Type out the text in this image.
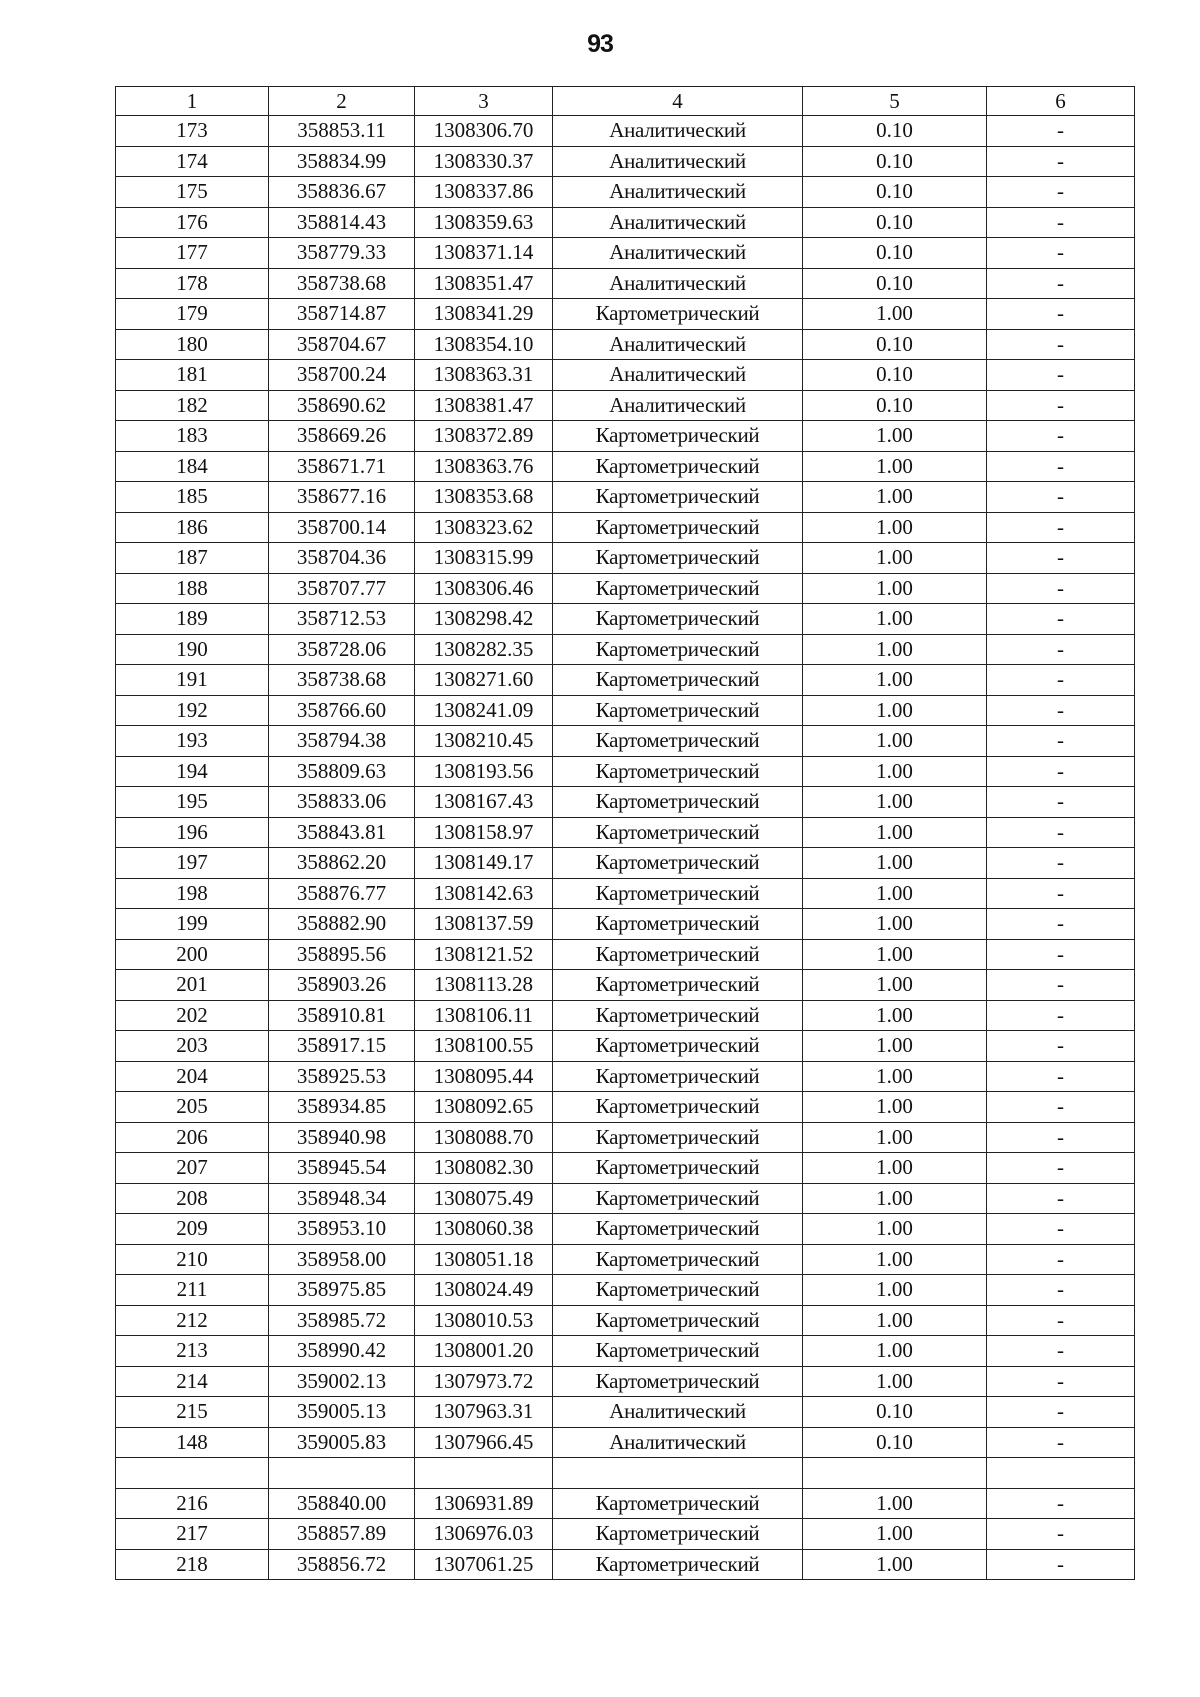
93
1	2	3	4	5	6
173	358853.11	1308306.70	Аналитический	0.10	-
174	358834.99	1308330.37	Аналитический	0.10	-
175	358836.67	1308337.86	Аналитический	0.10	-
176	358814.43	1308359.63	Аналитический	0.10	-
177	358779.33	1308371.14	Аналитический	0.10	-
178	358738.68	1308351.47	Аналитический	0.10	-
179	358714.87	1308341.29	Картометрический	1.00	-
180	358704.67	1308354.10	Аналитический	0.10	-
181	358700.24	1308363.31	Аналитический	0.10	-
182	358690.62	1308381.47	Аналитический	0.10	-
183	358669.26	1308372.89	Картометрический	1.00	-
184	358671.71	1308363.76	Картометрический	1.00	-
185	358677.16	1308353.68	Картометрический	1.00	-
186	358700.14	1308323.62	Картометрический	1.00	-
187	358704.36	1308315.99	Картометрический	1.00	-
188	358707.77	1308306.46	Картометрический	1.00	-
189	358712.53	1308298.42	Картометрический	1.00	-
190	358728.06	1308282.35	Картометрический	1.00	-
191	358738.68	1308271.60	Картометрический	1.00	-
192	358766.60	1308241.09	Картометрический	1.00	-
193	358794.38	1308210.45	Картометрический	1.00	-
194	358809.63	1308193.56	Картометрический	1.00	-
195	358833.06	1308167.43	Картометрический	1.00	-
196	358843.81	1308158.97	Картометрический	1.00	-
197	358862.20	1308149.17	Картометрический	1.00	-
198	358876.77	1308142.63	Картометрический	1.00	-
199	358882.90	1308137.59	Картометрический	1.00	-
200	358895.56	1308121.52	Картометрический	1.00	-
201	358903.26	1308113.28	Картометрический	1.00	-
202	358910.81	1308106.11	Картометрический	1.00	-
203	358917.15	1308100.55	Картометрический	1.00	-
204	358925.53	1308095.44	Картометрический	1.00	-
205	358934.85	1308092.65	Картометрический	1.00	-
206	358940.98	1308088.70	Картометрический	1.00	-
207	358945.54	1308082.30	Картометрический	1.00	-
208	358948.34	1308075.49	Картометрический	1.00	-
209	358953.10	1308060.38	Картометрический	1.00	-
210	358958.00	1308051.18	Картометрический	1.00	-
211	358975.85	1308024.49	Картометрический	1.00	-
212	358985.72	1308010.53	Картометрический	1.00	-
213	358990.42	1308001.20	Картометрический	1.00	-
214	359002.13	1307973.72	Картометрический	1.00	-
215	359005.13	1307963.31	Аналитический	0.10	-
148	359005.83	1307966.45	Аналитический	0.10	-

216	358840.00	1306931.89	Картометрический	1.00	-
217	358857.89	1306976.03	Картометрический	1.00	-
218	358856.72	1307061.25	Картометрический	1.00	-
